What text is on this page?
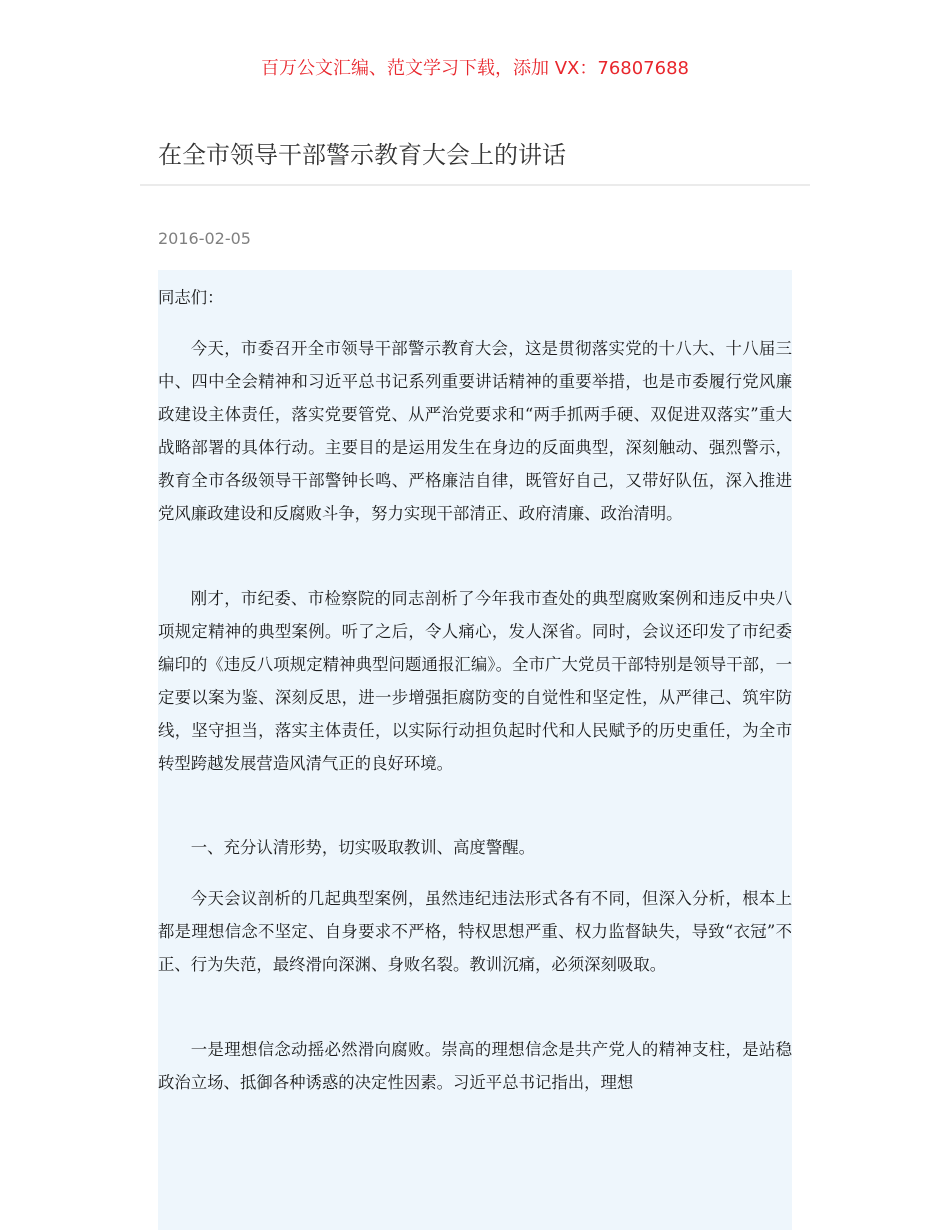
百万公文汇编、范文学习下载，添加 VX：76807688
在全市领导干部警示教育大会上的讲话
2016-02-05

同志们：

今天，市委召开全市领导干部警示教育大会，这是贯彻落实党的十八大、十八届三中、四中全会精神和习近平总书记系列重要讲话精神的重要举措，也是市委履行党风廉政建设主体责任，落实党要管党、从严治党要求和“两手抓两手硬、双促进双落实”重大战略部署的具体行动。主要目的是运用发生在身边的反面典型，深刻触动、强烈警示，教育全市各级领导干部警钟长鸣、严格廉洁自律，既管好自己，又带好队伍，深入推进党风廉政建设和反腐败斗争，努力实现干部清正、政府清廉、政治清明。

刚才，市纪委、市检察院的同志剖析了今年我市查处的典型腐败案例和违反中央八项规定精神的典型案例。听了之后，令人痛心，发人深省。同时，会议还印发了市纪委编印的《违反八项规定精神典型问题通报汇编》。全市广大党员干部特别是领导干部，一定要以案为鉴、深刻反思，进一步增强拒腐防变的自觉性和坚定性，从严律己、筑牢防线，坚守担当，落实主体责任，以实际行动担负起时代和人民赋予的历史重任，为全市转型跨越发展营造风清气正的良好环境。

一、充分认清形势，切实吸取教训、高度警醒。

今天会议剖析的几起典型案例，虽然违纪违法形式各有不同，但深入分析，根本上都是理想信念不坚定、自身要求不严格，特权思想严重、权力监督缺失，导致“衣冠”不正、行为失范，最终滑向深渊、身败名裂。教训沉痛，必须深刻吸取。

一是理想信念动摇必然滑向腐败。崇高的理想信念是共产党人的精神支柱，是站稳政治立场、抵御各种诱惑的决定性因素。习近平总书记指出，理想
